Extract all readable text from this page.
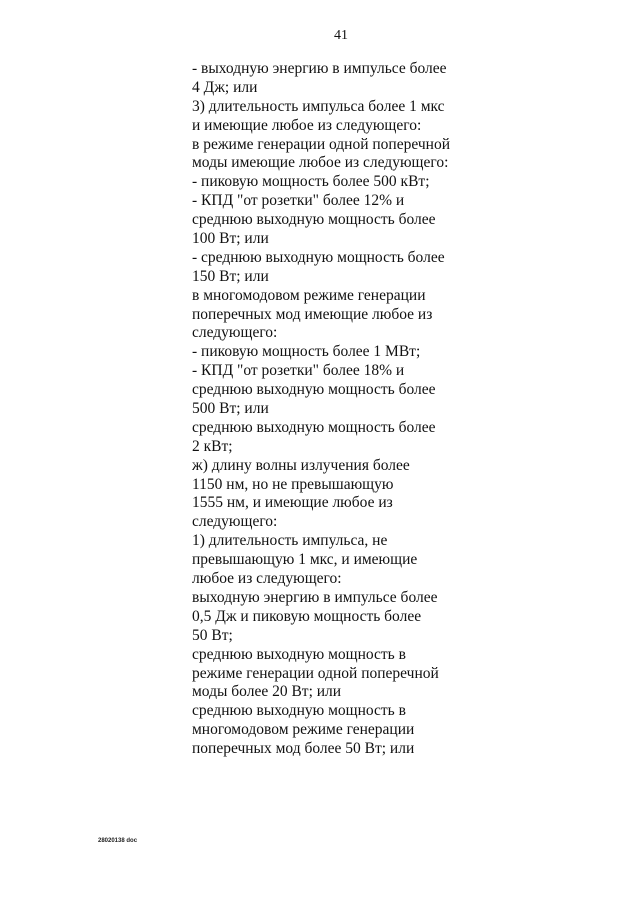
41
- выходную энергию в импульсе более
4 Дж; или
3) длительность импульса более 1 мкс
и имеющие любое из следующего:
в режиме генерации одной поперечной
моды имеющие любое из следующего:
- пиковую мощность более 500 кВт;
- КПД "от розетки" более 12% и
среднюю выходную мощность более
100 Вт; или
- среднюю выходную мощность более
150 Вт; или
в многомодовом режиме генерации
поперечных мод имеющие любое из
следующего:
- пиковую мощность более 1 МВт;
- КПД "от розетки" более 18% и
среднюю выходную мощность более
500 Вт; или
среднюю выходную мощность более
2 кВт;
ж) длину волны излучения более
1150 нм, но не превышающую
1555 нм, и имеющие любое из
следующего:
1) длительность импульса, не
превышающую 1 мкс, и имеющие
любое из следующего:
выходную энергию в импульсе более
0,5 Дж и пиковую мощность более
50 Вт;
среднюю выходную мощность в
режиме генерации одной поперечной
моды более 20 Вт; или
среднюю выходную мощность в
многомодовом режиме генерации
поперечных мод более 50 Вт; или
28020138 doc
